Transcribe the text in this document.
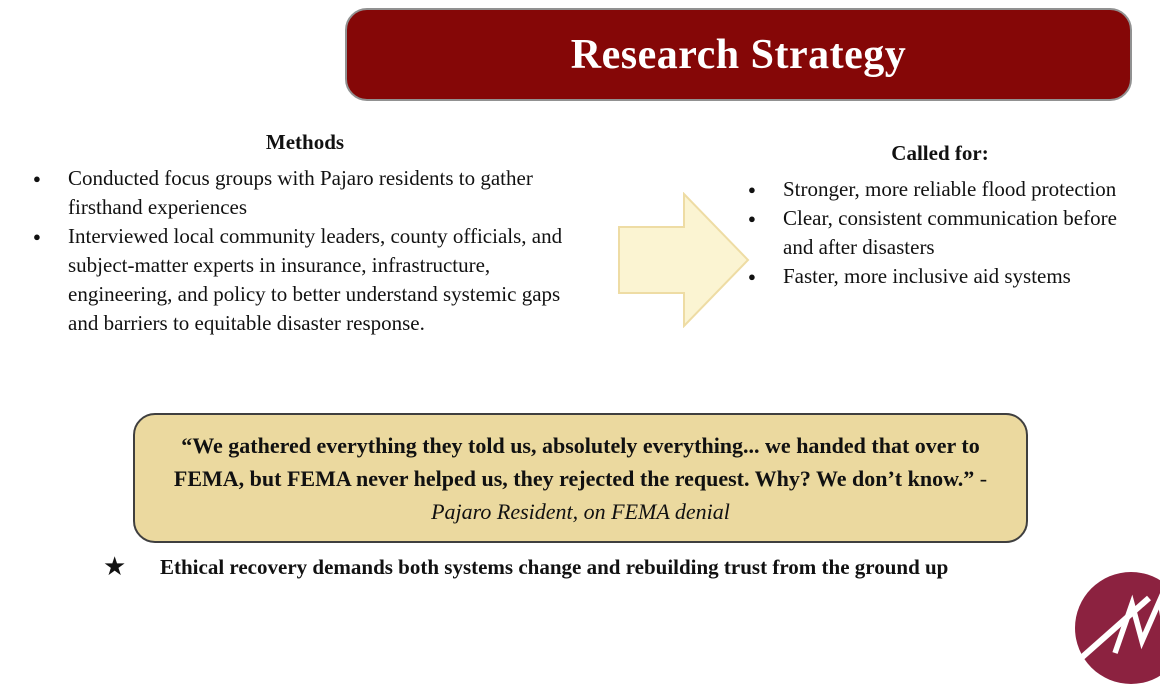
Research Strategy
Methods
●	Conducted focus groups with Pajaro residents to gather firsthand experiences
●	Interviewed local community leaders, county officials, and subject-matter experts in insurance, infrastructure, engineering, and policy to better understand systemic gaps and barriers to equitable disaster response.
Called for:
●	Stronger, more reliable flood protection
●	Clear, consistent communication before and after disasters
●	Faster, more inclusive aid systems
“We gathered everything they told us, absolutely everything... we handed that over to FEMA, but FEMA never helped us, they rejected the request. Why? We don’t know.” - Pajaro Resident, on FEMA denial
★	Ethical recovery demands both systems change and rebuilding trust from the ground up
